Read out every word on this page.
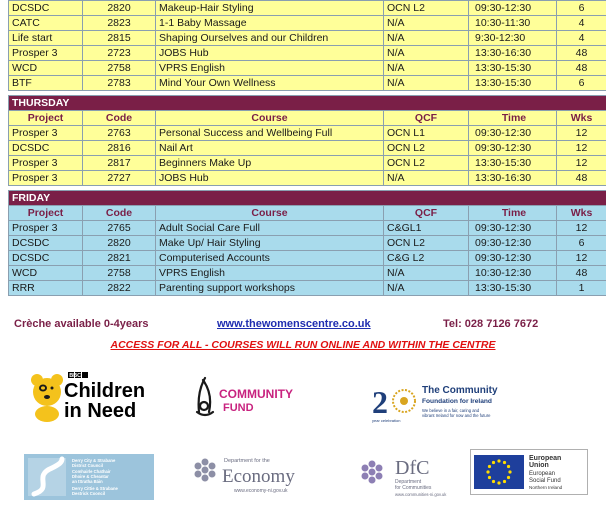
DCSDC	2820	Makeup-Hair Styling	OCN L2	09:30-12:30	6
CATC	2823	1-1 Baby Massage	N/A	10:30-11:30	4
Life start	2815	Shaping Ourselves and our Children	N/A	9:30-12:30	4
Prosper 3	2723	JOBS Hub	N/A	13:30-16:30	48
WCD	2758	VPRS English	N/A	13:30-15:30	48
BTF	2783	Mind Your Own Wellness	N/A	13:30-15:30	6

THURSDAY					
Project	Code	Course	QCF	Time	Wks
Prosper 3	2763	Personal Success and Wellbeing Full	OCN L1	09:30-12:30	12
DCSDC	2816	Nail Art	OCN L2	09:30-12:30	12
Prosper 3	2817	Beginners Make Up	OCN L2	13:30-15:30	12
Prosper 3	2727	JOBS Hub	N/A	13:30-16:30	48

FRIDAY					
Project	Code	Course	QCF	Time	Wks
Prosper 3	2765	Adult Social Care Full	C&GL1	09:30-12:30	12
DCSDC	2820	Make Up/ Hair Styling	OCN L2	09:30-12:30	6
DCSDC	2821	Computerised Accounts	C&G L2	09:30-12:30	12
WCD	2758	VPRS English	N/A	10:30-12:30	48
RRR	2822	Parenting support workshops	N/A	13:30-15:30	1
Crèche available 0-4years	www.thewomenscentre.co.uk	Tel: 028 7126 7672
ACCESS FOR ALL - COURSES WILL RUN ONLINE AND WITHIN THE CENTRE
BBC
Children
in Need
COMMUNITY
FUND	2
year celebration
The Community
Foundation for Ireland
We believe in a fair, caring and
vibrant Ireland for now and the future
Derry City & Strabane
District Council
Comhairle Chathair
Dhoire & Cheantar
an tSratha Báin
Derry Cittie & Strabane
Destrick Cooncil
Department for the
Economy
www.economy-ni.gov.uk
DfC
Department
for Communities
www.communities-ni.gov.uk
European
Union
European
Social Fund
Northern Ireland
